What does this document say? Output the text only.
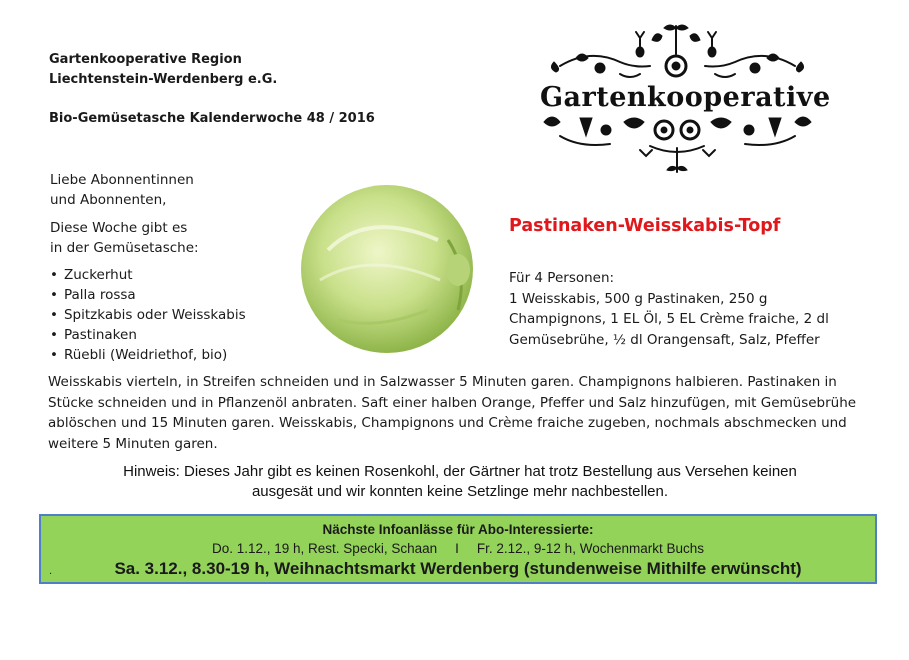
Gartenkooperative Region
Liechtenstein-Werdenberg e.G.
Bio-Gemüsetasche Kalenderwoche 48 / 2016
Gartenkooperative
Liebe Abonnentinnen
und Abonnenten,
Diese Woche gibt es
in der Gemüsetasche:
• Zuckerhut
• Palla rossa
• Spitzkabis oder Weisskabis
• Pastinaken
• Rüebli (Weidriethof, bio)
Pastinaken-Weisskabis-Topf
Für 4 Personen:
1 Weisskabis, 500 g Pastinaken, 250 g
Champignons, 1 EL Öl, 5 EL Crème fraiche, 2 dl
Gemüsebrühe, ½ dl Orangensaft, Salz, Pfeffer
Weisskabis vierteln, in Streifen schneiden und in Salzwasser 5 Minuten garen. Champignons halbieren. Pastinaken in
Stücke schneiden und in Pflanzenöl anbraten. Saft einer halben Orange, Pfeffer und Salz hinzufügen, mit Gemüsebrühe
ablöschen und 15 Minuten garen. Weisskabis, Champignons und Crème fraiche zugeben, nochmals abschmecken und
weitere 5 Minuten garen.
Hinweis: Dieses Jahr gibt es keinen Rosenkohl, der Gärtner hat trotz Bestellung aus Versehen keinen
ausgesät und wir konnten keine Setzlinge mehr nachbestellen.
Nächste Infoanlässe für Abo-Interessierte:
Do. 1.12., 19 h, Rest. Specki, Schaan I Fr. 2.12., 9-12 h, Wochenmarkt Buchs
.	Sa. 3.12., 8.30-19 h, Weihnachtsmarkt Werdenberg (stundenweise Mithilfe erwünscht)
